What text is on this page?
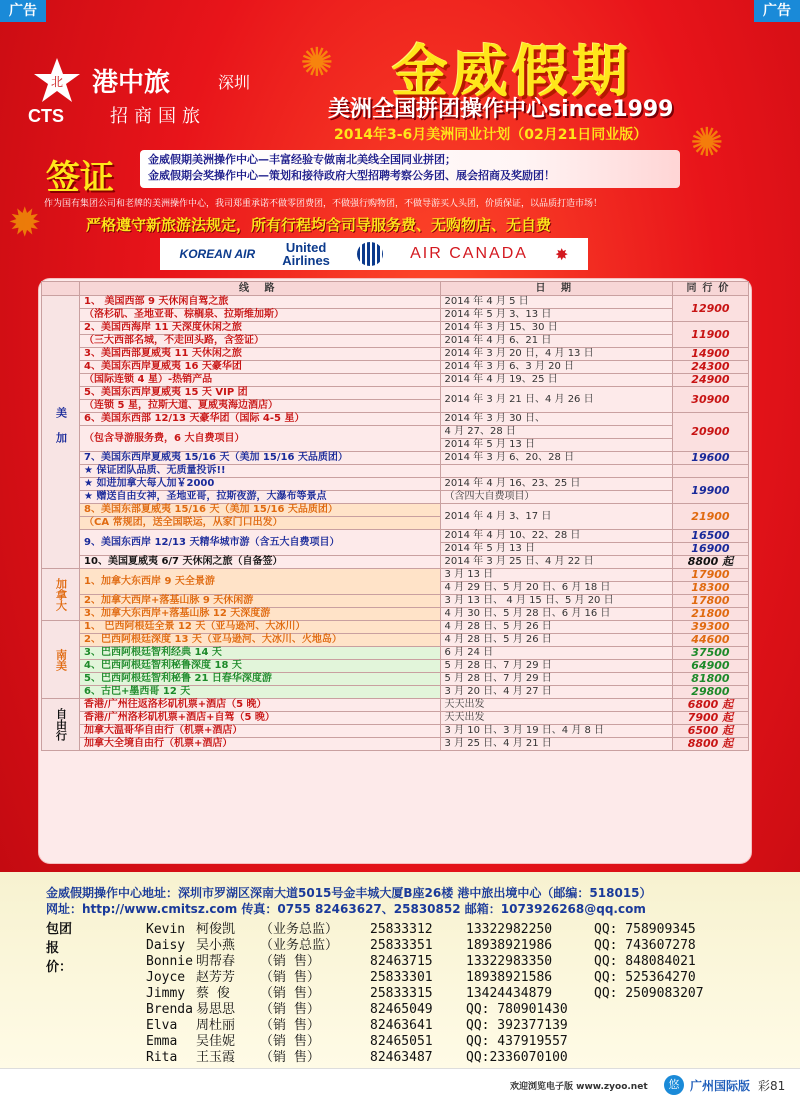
广告	广告
✺
✺
✹
北
CTS
港中旅	深圳
招商国旅
金威假期
美洲全国拼团操作中心since1999
2014年3-6月美洲同业计划（02月21日同业版）
签证	金威假期美洲操作中心—丰富经验专做南北美线全国同业拼团；
金威假期会奖操作中心—策划和接待政府大型招聘考察公务团、展会招商及奖励团！
作为国有集团公司和老牌的美洲操作中心，我司郑重承诺不做零团费团，不做强行购物团，不做导游买人头团，价质保证，以品质打造市场！
严格遵守新旅游法规定，所有行程均含司导服务费、无购物店、无自费
KOREAN AIR United
Airlines	AIR CANADA ✸
	线 路	日 期	同行价
美加	1、 美国西部 9 天休闲自驾之旅	2014 年 4 月 5 日	12900
	（洛杉矶、圣地亚哥、棕榈泉、拉斯维加斯）	2014 年 5 月 3、13 日	
	2、美国西海岸 11 天深度休闲之旅	2014 年 3 月 15、30 日	11900
	（三大西部名城，不走回头路，含签证）	2014 年 4 月 6、21 日	
	3、美国西部夏威夷 11 天休闲之旅	2014 年 3 月 20 日，4 月 13 日	14900
	4、美国东西岸夏威夷 16 天豪华团	2014 年 3 月 6、3 月 20 日	24300
	（国际连锁 4 星）-热销产品	2014 年 4 月 19、25 日	24900
	5、美国东西岸夏威夷 15 天 VIP 团	2014 年 3 月 21 日、4 月 26 日	30900
	（连锁 5 星，拉斯大道、夏威夷海边酒店）		
	6、美国东西部 12/13 天豪华团（国际 4-5 星）	2014 年 3 月 30 日、	20900
	（包含导游服务费，6 大自费项目）	4 月 27、28 日	
		2014 年 5 月 13 日	
	7、美国东西岸夏威夷 15/16 天（美加 15/16 天品质团）	2014 年 3 月 6、20、28 日	19600
	★ 保证团队品质、无质量投诉!!		
	★ 如进加拿大每人加￥2000	2014 年 4 月 16、23、25 日	19900
	★ 赠送自由女神，圣地亚哥，拉斯夜游，大瀑布等景点	（含四大自费项目）	
	8、美国东部夏威夷 15/16 天（美加 15/16 天品质团）	2014 年 4 月 3、17 日	21900
	（CA 常规团，送全国联运，从家门口出发）		
	9、美国东西岸 12/13 天精华城市游（含五大自费项目）	2014 年 4 月 10、22、28 日	16500
		2014 年 5 月 13 日	16900
	10、美国夏威夷 6/7 天休闲之旅（自备签）	2014 年 3 月 25 日、4 月 22 日	8800 起
加拿大	1、加拿大东西岸 9 天全景游	3 月 13 日	17900
		4 月 29 日、5 月 20 日、6 月 18 日	18300
	2、加拿大西岸+落基山脉 9 天休闲游	3 月 13 日、 4 月 15 日、5 月 20 日	17800
	3、加拿大东西岸+落基山脉 12 天深度游	4 月 30 日、5 月 28 日、6 月 16 日	21800
南美	1、 巴西阿根廷全景 12 天（亚马逊河、大冰川）	4 月 28 日、5 月 26 日	39300
	2、巴西阿根廷深度 13 天（亚马逊河、大冰川、火地岛）	4 月 28 日、5 月 26 日	44600
	3、巴西阿根廷智利经典 14 天	6 月 24 日	37500
	4、巴西阿根廷智利秘鲁深度 18 天	5 月 28 日、7 月 29 日	64900
	5、巴西阿根廷智利秘鲁 21 日春华深度游	5 月 28 日、7 月 29 日	81800
	6、古巴+墨西哥 12 天	3 月 20 日、4 月 27 日	29800
自由行	香港/广州往返洛杉矶机票+酒店（5 晚）	天天出发	6800 起
	香港/广州洛杉矶机票+酒店+自驾（5 晚）	天天出发	7900 起
	加拿大温哥华自由行（机票+酒店）	3 月 10 日、3 月 19 日、4 月 8 日	6500 起
	加拿大全境自由行（机票+酒店）	3 月 25 日、4 月 21 日	8800 起
金威假期操作中心地址：深圳市罗湖区深南大道5015号金丰城大厦B座26楼 港中旅出境中心（邮编：518015）
网址：http://www.cmitsz.com 传真：0755 82463627、25830852 邮箱：1073926268@qq.com
包团报价：
Kevin 柯俊凯 （业务总监） 25833312	13322982250	QQ: 758909345
Daisy 吴小燕 （业务总监） 25833351	18938921986	QQ: 743607278
Bonnie 明帮春 （销 售）	82463715	13322983350	QQ: 848084021
Joyce 赵芳芳 （销 售）	25833301	18938921586	QQ: 525364270
Jimmy 蔡 俊 （销 售）	25833315	13424434879	QQ: 2509083207
Brenda 易思思 （销 售）	82465049	QQ: 780901430
Elva 周杜丽 （销 售）	82463641	QQ: 392377139
Emma 吴佳妮 （销 售）	82465051	QQ: 437919557
Rita 王玉霞 （销 售）	82463487	QQ:2336070100
欢迎浏览电子版 www.zyoo.net	悠 广州国际版 彩81
